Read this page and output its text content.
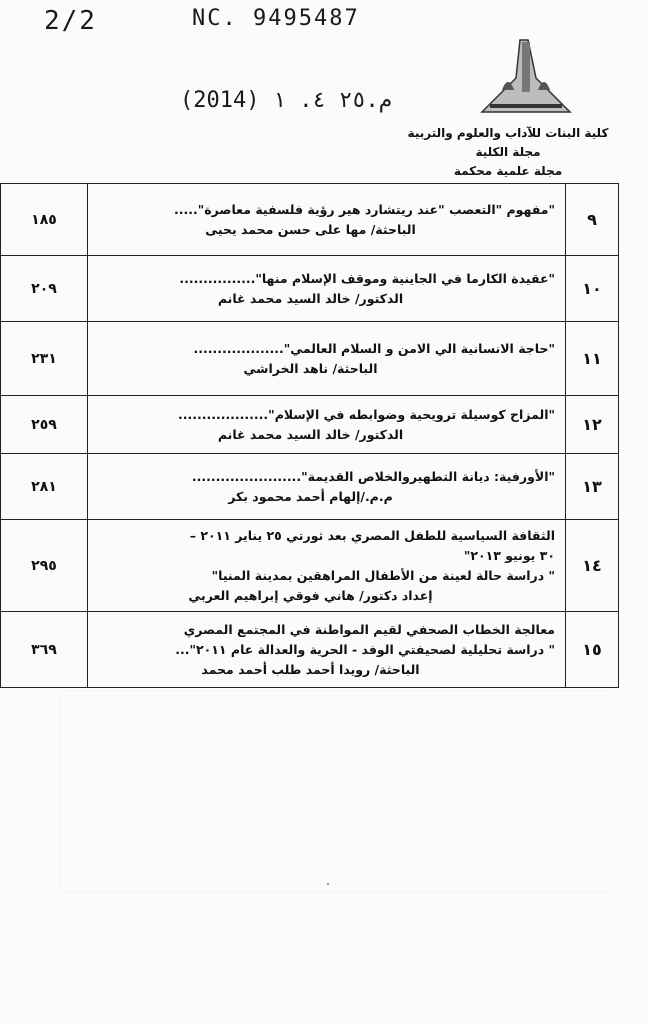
2/2	NC. 9495487
م.٢٥ ٤. ١ (2014)
كلية البنات للآداب والعلوم والتربية
مجلة الكلية
مجلة علمية محكمة
٩	"مفهوم "التعصب "عند ريتشارد هير رؤية فلسفية معاصرة".....
الباحثة/ مها على حسن محمد يحيى	١٨٥
١٠	"عقيدة الكارما في الجاينية وموقف الإسلام منها"................
الدكتور/ خالد السيد محمد غانم	٢٠٩
١١	"حاجة الانسانية الي الامن و السلام العالمي"...................
الباحثة/ ناهد الخراشي	٢٣١
١٢	"المزاح كوسيلة ترويحية وضوابطه في الإسلام"...................
الدكتور/ خالد السيد محمد غانم	٢٥٩
١٣	"الأورفية: ديانة التطهيروالخلاص القديمة".......................
م.م./إلهام أحمد محمود بكر	٢٨١
١٤	الثقافة السياسية للطفل المصري بعد ثورتي ٢٥ يناير ٢٠١١ –
٣٠ يونيو ٢٠١٣"
" دراسة حالة لعينة من الأطفال المراهقين بمدينة المنيا"
إعداد دكتور/ هاني فوقي إبراهيم العربي	٢٩٥
١٥	معالجة الخطاب الصحفي لقيم المواطنة في المجتمع المصري
" دراسة تحليلية لصحيفتي الوفد - الحرية والعدالة عام ٢٠١١"...
الباحثة/ رويدا أحمد طلب أحمد محمد	٣٦٩
